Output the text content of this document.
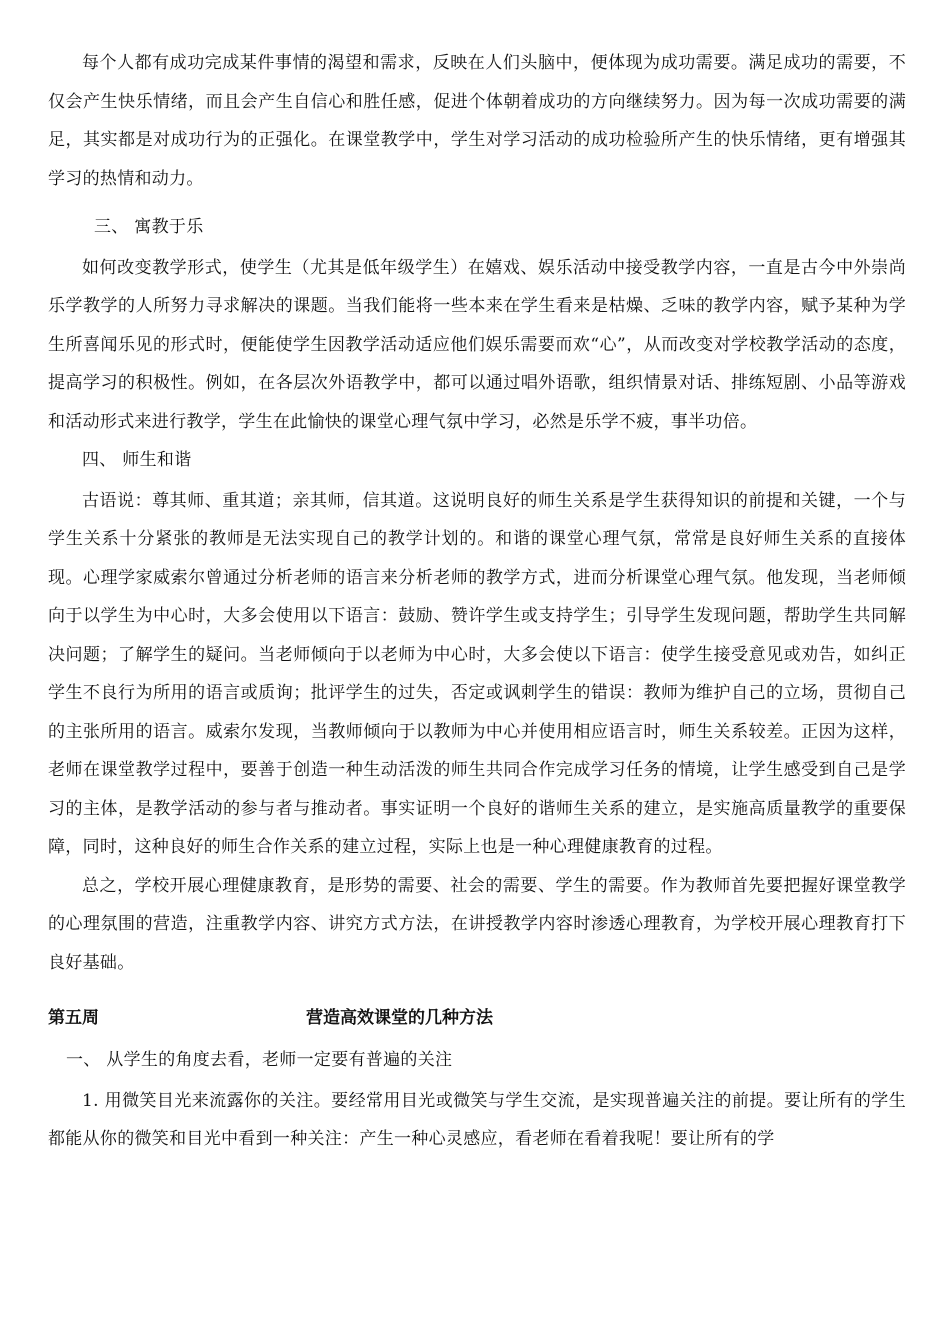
每个人都有成功完成某件事情的渴望和需求，反映在人们头脑中，便体现为成功需要。满足成功的需要，不仅会产生快乐情绪，而且会产生自信心和胜任感，促进个体朝着成功的方向继续努力。因为每一次成功需要的满足，其实都是对成功行为的正强化。在课堂教学中，学生对学习活动的成功检验所产生的快乐情绪，更有增强其学习的热情和动力。

三、 寓教于乐

如何改变教学形式，使学生（尤其是低年级学生）在嬉戏、娱乐活动中接受教学内容，一直是古今中外崇尚乐学教学的人所努力寻求解决的课题。当我们能将一些本来在学生看来是枯燥、乏味的教学内容，赋予某种为学生所喜闻乐见的形式时，便能使学生因教学活动适应他们娱乐需要而欢“心”，从而改变对学校教学活动的态度，提高学习的积极性。例如，在各层次外语教学中，都可以通过唱外语歌，组织情景对话、排练短剧、小品等游戏和活动形式来进行教学，学生在此愉快的课堂心理气氛中学习，必然是乐学不疲，事半功倍。

四、 师生和谐

古语说：尊其师、重其道；亲其师，信其道。这说明良好的师生关系是学生获得知识的前提和关键，一个与学生关系十分紧张的教师是无法实现自己的教学计划的。和谐的课堂心理气氛，常常是良好师生关系的直接体现。心理学家威索尔曾通过分析老师的语言来分析老师的教学方式，进而分析课堂心理气氛。他发现，当老师倾向于以学生为中心时，大多会使用以下语言：鼓励、赞许学生或支持学生；引导学生发现问题，帮助学生共同解决问题；了解学生的疑问。当老师倾向于以老师为中心时，大多会使以下语言：使学生接受意见或劝告，如纠正学生不良行为所用的语言或质询；批评学生的过失，否定或讽刺学生的错误：教师为维护自己的立场，贯彻自己的主张所用的语言。威索尔发现，当教师倾向于以教师为中心并使用相应语言时，师生关系较差。正因为这样，老师在课堂教学过程中，要善于创造一种生动活泼的师生共同合作完成学习任务的情境，让学生感受到自己是学习的主体，是教学活动的参与者与推动者。事实证明一个良好的谐师生关系的建立，是实施高质量教学的重要保障，同时，这种良好的师生合作关系的建立过程，实际上也是一种心理健康教育的过程。

总之，学校开展心理健康教育，是形势的需要、社会的需要、学生的需要。作为教师首先要把握好课堂教学的心理氛围的营造，注重教学内容、讲究方式方法，在讲授教学内容时渗透心理教育，为学校开展心理教育打下良好基础。

第五周	营造高效课堂的几种方法

一、 从学生的角度去看，老师一定要有普遍的关注

1. 用微笑目光来流露你的关注。要经常用目光或微笑与学生交流，是实现普遍关注的前提。要让所有的学生都能从你的微笑和目光中看到一种关注：产生一种心灵感应，看老师在看着我呢！要让所有的学
